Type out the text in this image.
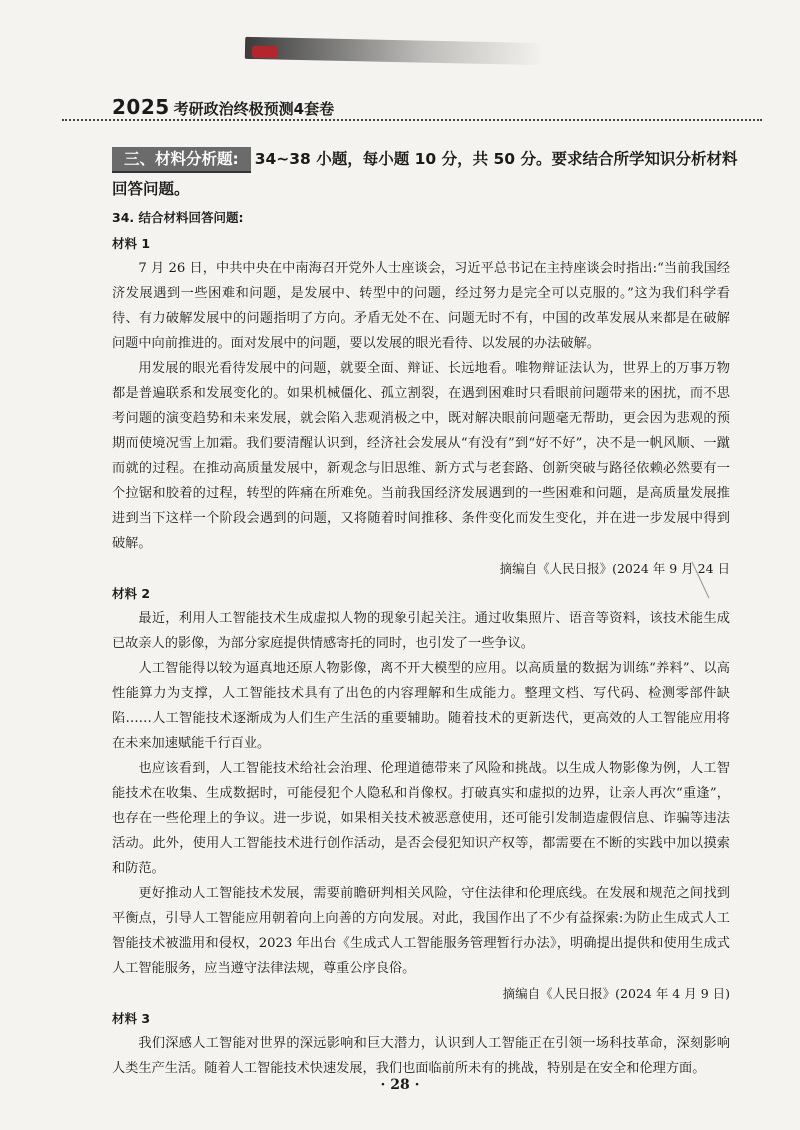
2025 考研政治终极预测4套卷
三、材料分析题: 34~38 小题，每小题 10 分，共 50 分。要求结合所学知识分析材料回答问题。

34. 结合材料回答问题:

材料 1

7 月 26 日，中共中央在中南海召开党外人士座谈会，习近平总书记在主持座谈会时指出:“当前我国经济发展遇到一些困难和问题，是发展中、转型中的问题，经过努力是完全可以克服的。”这为我们科学看待、有力破解发展中的问题指明了方向。矛盾无处不在、问题无时不有，中国的改革发展从来都是在破解问题中向前推进的。面对发展中的问题，要以发展的眼光看待、以发展的办法破解。

用发展的眼光看待发展中的问题，就要全面、辩证、长远地看。唯物辩证法认为，世界上的万事万物都是普遍联系和发展变化的。如果机械僵化、孤立割裂，在遇到困难时只看眼前问题带来的困扰，而不思考问题的演变趋势和未来发展，就会陷入悲观消极之中，既对解决眼前问题毫无帮助，更会因为悲观的预期而使境况雪上加霜。我们要清醒认识到，经济社会发展从“有没有”到“好不好”，决不是一帆风顺、一蹴而就的过程。在推动高质量发展中，新观念与旧思维、新方式与老套路、创新突破与路径依赖必然要有一个拉锯和胶着的过程，转型的阵痛在所难免。当前我国经济发展遇到的一些困难和问题，是高质量发展推进到当下这样一个阶段会遇到的问题，又将随着时间推移、条件变化而发生变化，并在进一步发展中得到破解。

摘编自《人民日报》(2024 年 9 月 24 日

材料 2

最近，利用人工智能技术生成虚拟人物的现象引起关注。通过收集照片、语音等资料，该技术能生成已故亲人的影像，为部分家庭提供情感寄托的同时，也引发了一些争议。

人工智能得以较为逼真地还原人物影像，离不开大模型的应用。以高质量的数据为训练“养料”、以高性能算力为支撑，人工智能技术具有了出色的内容理解和生成能力。整理文档、写代码、检测零部件缺陷……人工智能技术逐渐成为人们生产生活的重要辅助。随着技术的更新迭代，更高效的人工智能应用将在未来加速赋能千行百业。

也应该看到，人工智能技术给社会治理、伦理道德带来了风险和挑战。以生成人物影像为例，人工智能技术在收集、生成数据时，可能侵犯个人隐私和肖像权。打破真实和虚拟的边界，让亲人再次“重逢”，也存在一些伦理上的争议。进一步说，如果相关技术被恶意使用，还可能引发制造虚假信息、诈骗等违法活动。此外，使用人工智能技术进行创作活动，是否会侵犯知识产权等，都需要在不断的实践中加以摸索和防范。

更好推动人工智能技术发展，需要前瞻研判相关风险，守住法律和伦理底线。在发展和规范之间找到平衡点，引导人工智能应用朝着向上向善的方向发展。对此，我国作出了不少有益探索:为防止生成式人工智能技术被滥用和侵权，2023 年出台《生成式人工智能服务管理暂行办法》，明确提出提供和使用生成式人工智能服务，应当遵守法律法规，尊重公序良俗。

摘编自《人民日报》(2024 年 4 月 9 日)

材料 3

我们深感人工智能对世界的深远影响和巨大潜力，认识到人工智能正在引领一场科技革命，深刻影响人类生产生活。随着人工智能技术快速发展，我们也面临前所未有的挑战，特别是在安全和伦理方面。

· 28 ·
